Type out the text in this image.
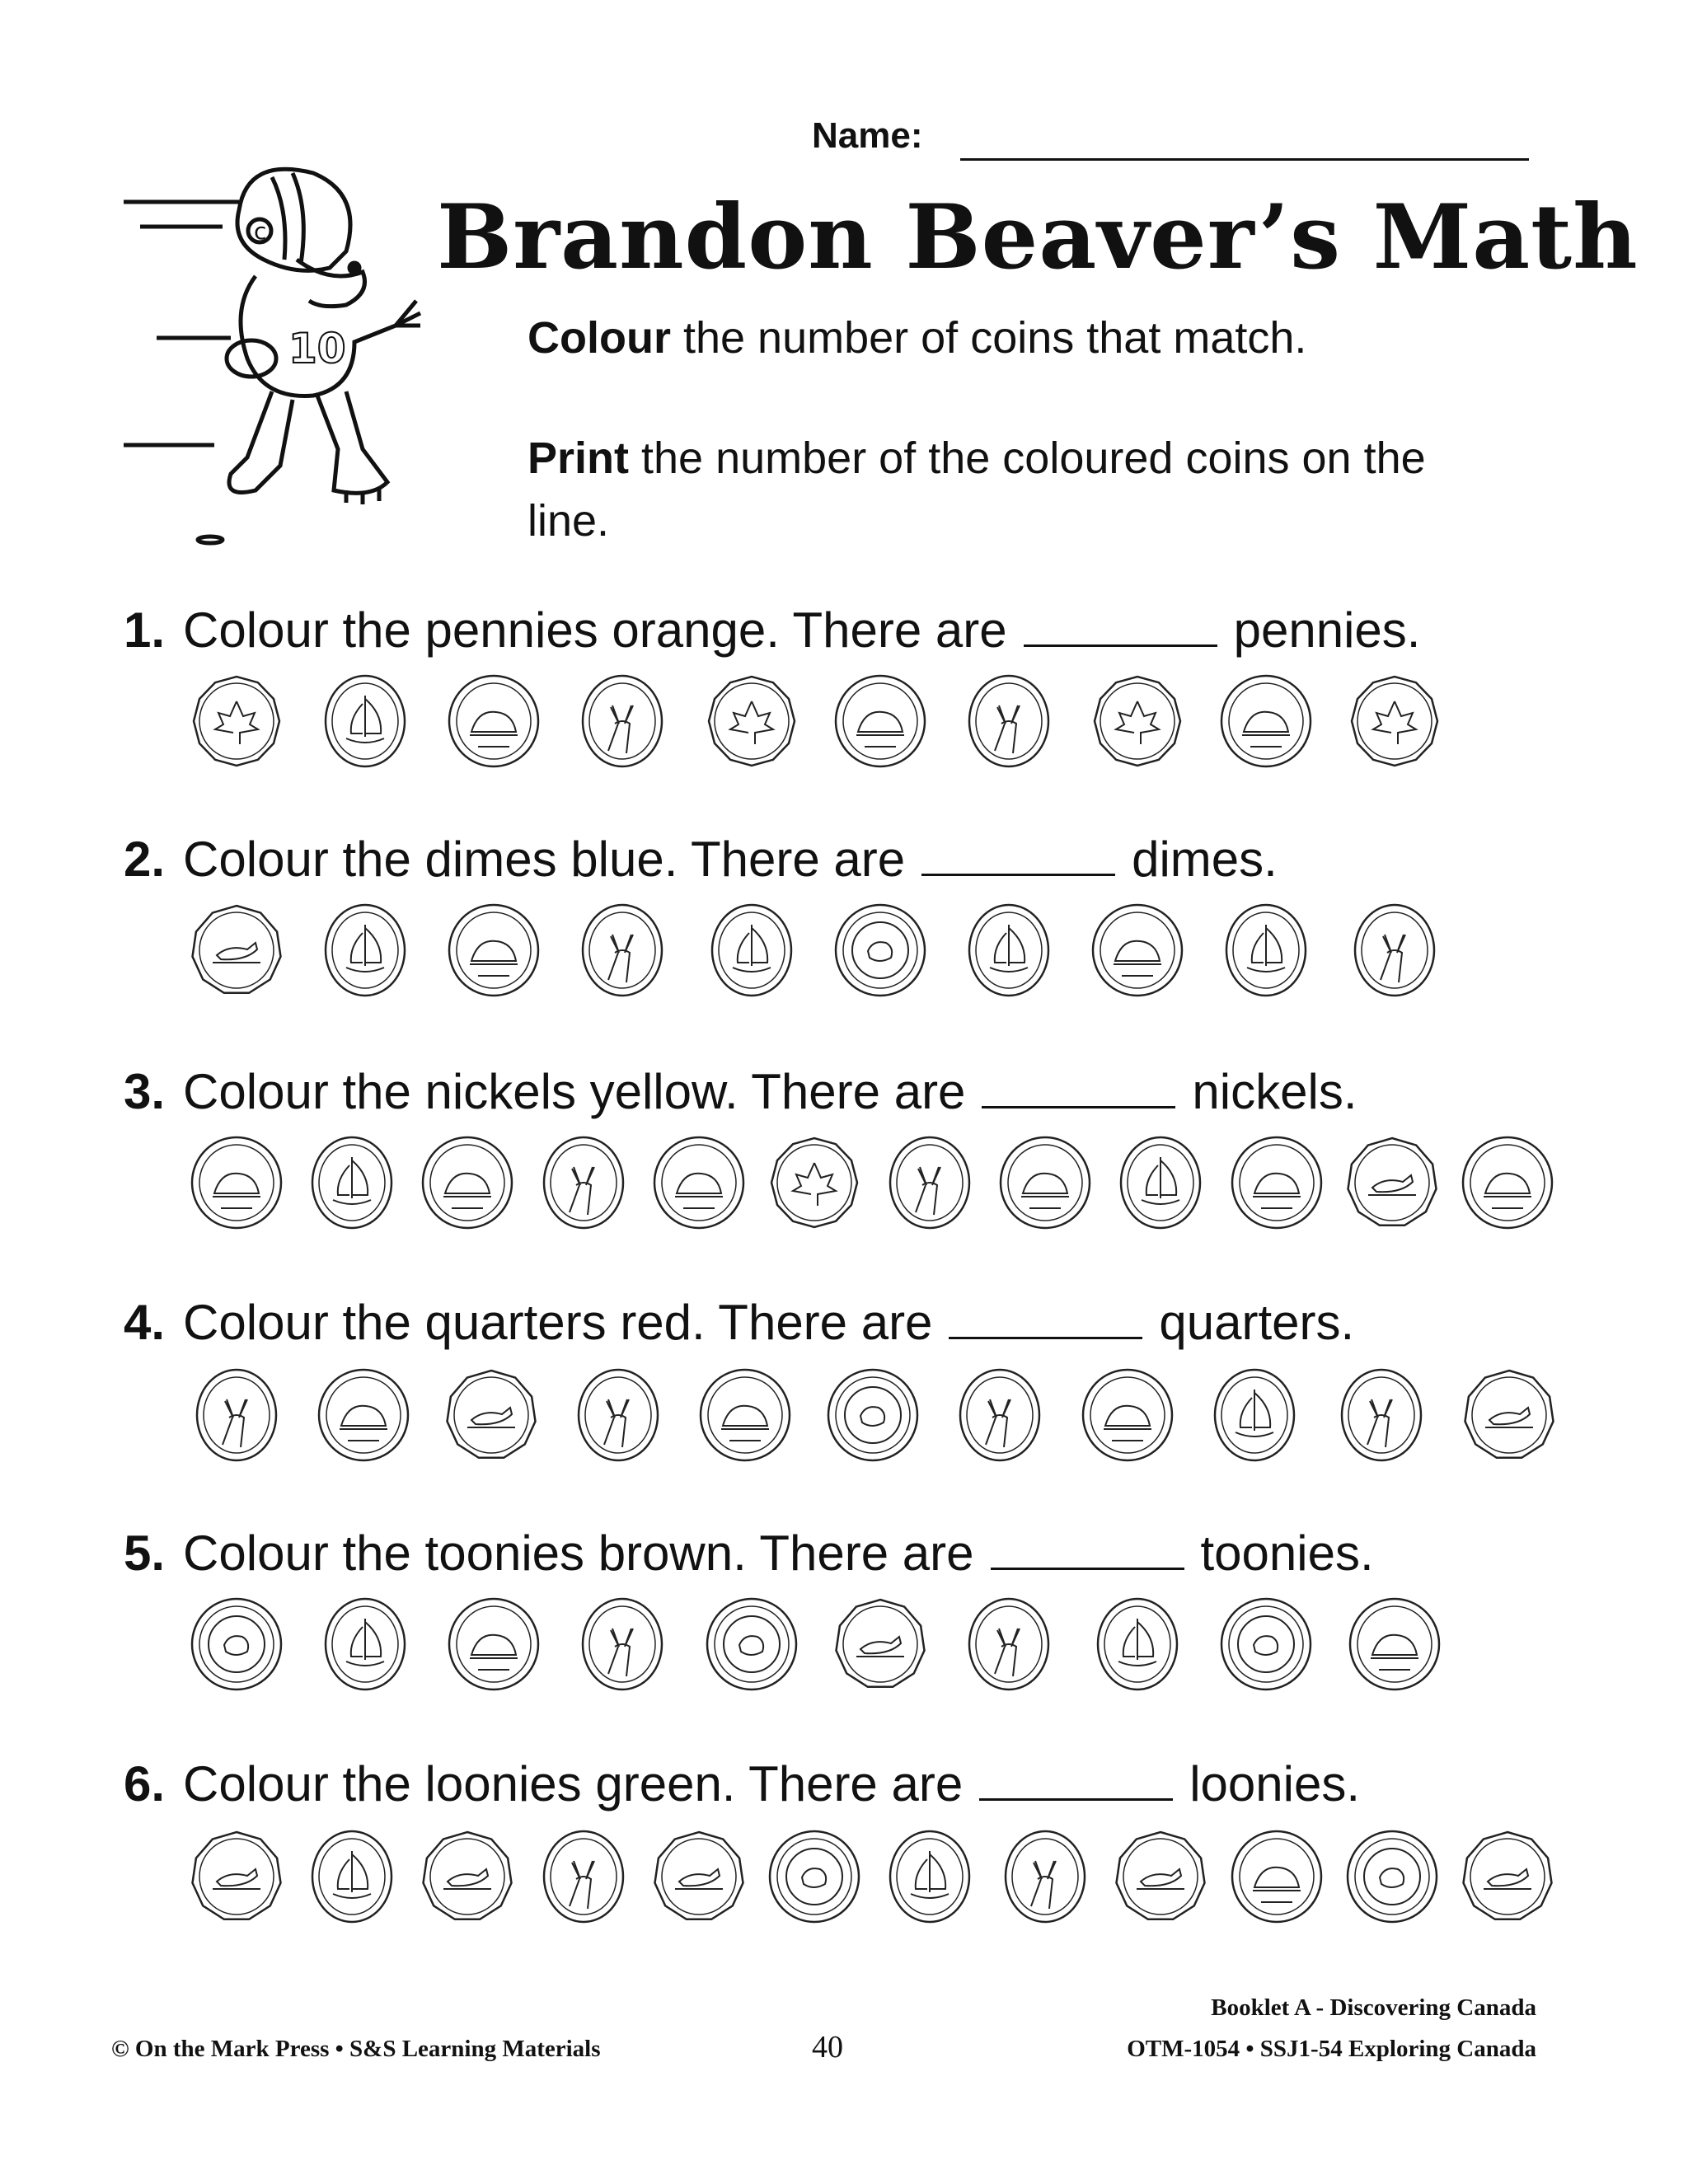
Name:
c
10
Brandon Beaver’s Math
Colour the number of coins that match.
Print the number of the coloured coins on the line.
1. Colour the pennies orange. There are	pennies.
2. Colour the dimes blue. There are	dimes.
3. Colour the nickels yellow. There are	nickels.
4. Colour the quarters red. There are	quarters.
5. Colour the toonies brown. There are	toonies.
6. Colour the loonies green. There are	loonies.
Booklet A - Discovering Canada
© On the Mark Press • S&S Learning Materials	40	OTM-1054 • SSJ1-54 Exploring Canada
